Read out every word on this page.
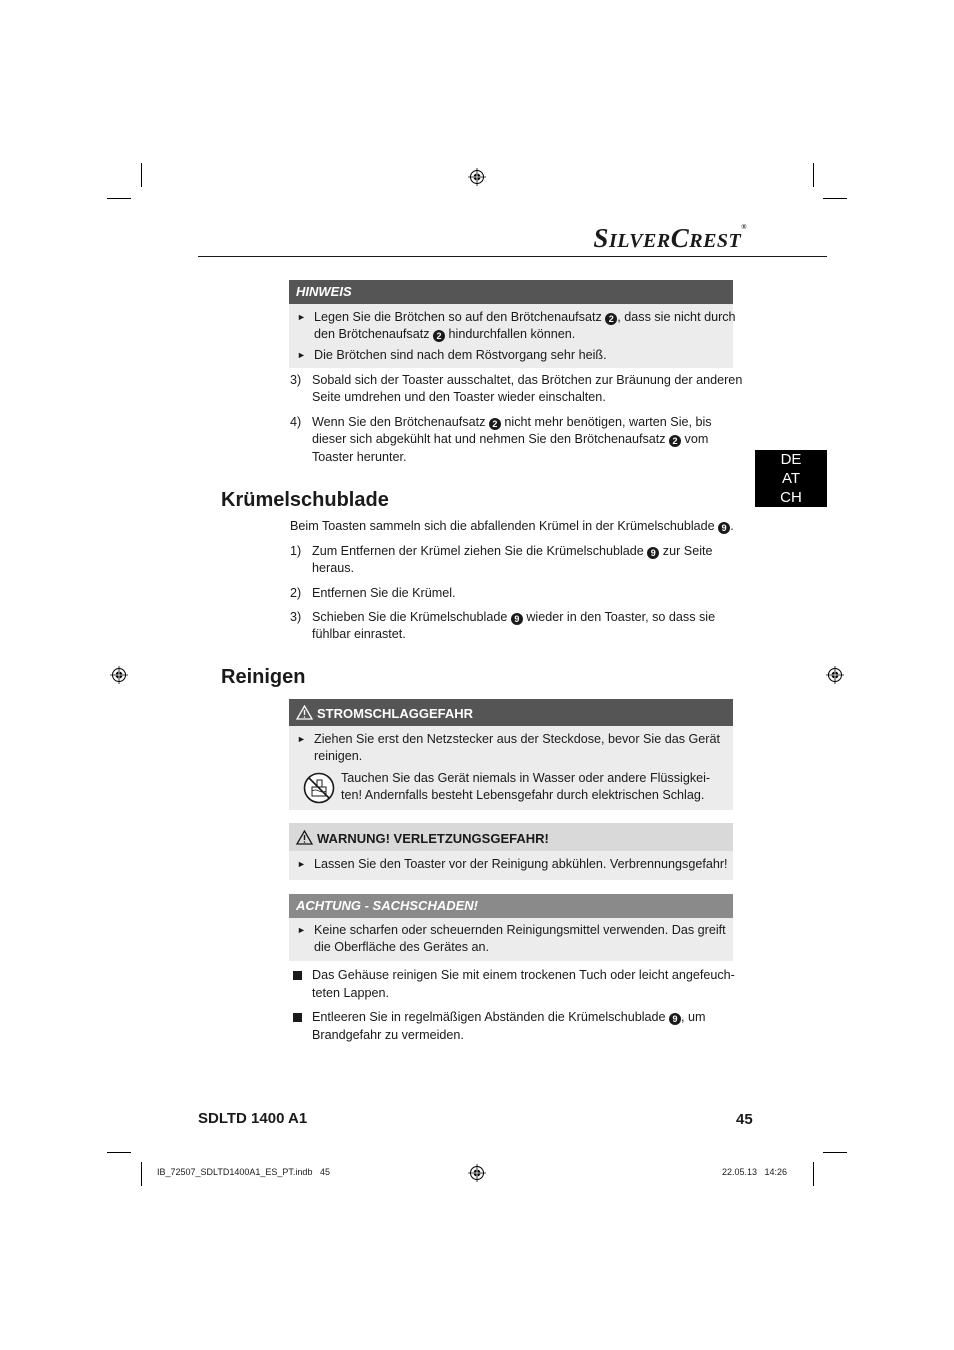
SILVERCREST®
DE
AT
CH
HINWEIS
► Legen Sie die Brötchen so auf den Brötchenaufsatz 2 , dass sie nicht durch
den Brötchenaufsatz 2 hindurchfallen können.
► Die Brötchen sind nach dem Röstvorgang sehr heiß.
3) Sobald sich der Toaster ausschaltet, das Brötchen zur Bräunung der anderen
Seite umdrehen und den Toaster wieder einschalten.
4) Wenn Sie den Brötchenaufsatz 2 nicht mehr benötigen, warten Sie, bis
dieser sich abgekühlt hat und nehmen Sie den Brötchenaufsatz 2 vom
Toaster herunter.
Krümelschublade
Beim Toasten sammeln sich die abfallenden Krümel in der Krümelschublade 9 .
1) Zum Entfernen der Krümel ziehen Sie die Krümelschublade 9 zur Seite
heraus.
2) Entfernen Sie die Krümel.
3) Schieben Sie die Krümelschublade 9 wieder in den Toaster, so dass sie
fühlbar einrastet.
Reinigen
STROMSCHLAGGEFAHR
► Ziehen Sie erst den Netzstecker aus der Steckdose, bevor Sie das Gerät
reinigen.
Tauchen Sie das Gerät niemals in Wasser oder andere Flüssigkei-
ten! Andernfalls besteht Lebensgefahr durch elektrischen Schlag.
WARNUNG! VERLETZUNGSGEFAHR!
► Lassen Sie den Toaster vor der Reinigung abkühlen. Verbrennungsgefahr!
ACHTUNG - SACHSCHADEN!
► Keine scharfen oder scheuernden Reinigungsmittel verwenden. Das greift
die Oberfläche des Gerätes an.
Das Gehäuse reinigen Sie mit einem trockenen Tuch oder leicht angefeuch-
teten Lappen.
Entleeren Sie in regelmäßigen Abständen die Krümelschublade 9 , um
Brandgefahr zu vermeiden.
SDLTD 1400 A1	45
IB_72507_SDLTD1400A1_ES_PT.indb   45	22.05.13   14:26
